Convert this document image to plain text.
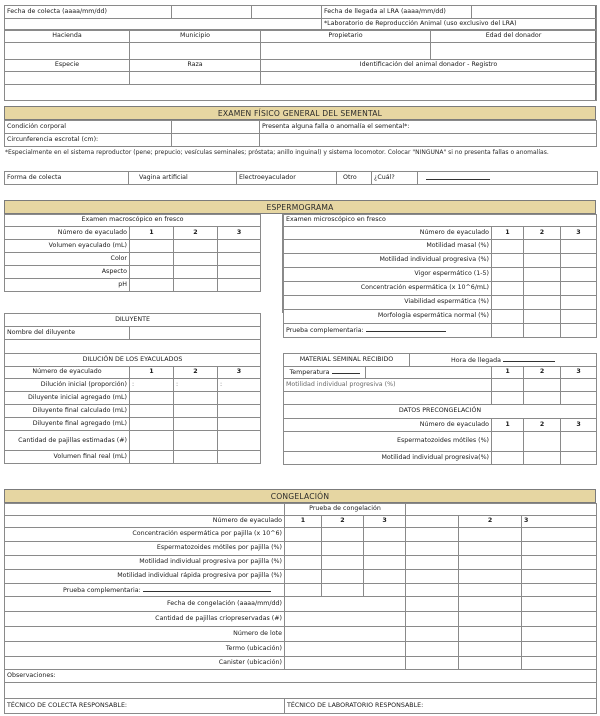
Fecha de colecta (aaaa/mm/dd)			Fecha de llegada al LRA (aaaa/mm/dd)	
			*Laboratorio de Reproducción Animal (uso exclusivo del LRA)	
Hacienda	Municipio	Propietario	Edad del donador

Especie	Raza	Identificación del animal donador - Registro	

EXAMEN FÍSICO GENERAL DEL SEMENTAL
Condición corporal		Presenta alguna falla o anomalía el semental*:
Circunferencia escrotal (cm):		
*Especialmente en el sistema reproductor (pene; prepucio; vesículas seminales; próstata; anillo inguinal) y sistema locomotor. Colocar "NINGUNA" si no presenta fallas o anomalías.
Forma de colecta	Vagina artificial	Electroeyaculador	Otro	¿Cuál?	
ESPERMOGRAMA
Examen macroscópico en fresco			
Número de eyaculado	1	2	3
Volumen eyaculado (mL)			
Color			
Aspecto			
pH			
Examen microscópico en fresco			
Número de eyaculado	1	2	3
Motilidad masal (%)			
Motilidad individual progresiva (%)			
Vigor espermático (1-5)			
Concentración espermática (x 10^6/mL)			
Viabilidad espermática (%)			
Morfología espermática normal (%)			
Prueba complementaria:			
DILUYENTE
Nombre del diluyente	

DILUCIÓN DE LOS EYACULADOS			
Número de eyaculado	1	2	3
Dilución inicial (proporción)	:	:	:
Diluyente inicial agregado (mL)			
Diluyente final calculado (mL)			
Diluyente final agregado (mL)			
Cantidad de pajillas estimadas (#)			
Volumen final real (mL)			
MATERIAL SEMINAL RECIBIDO		Hora de llegada			
Temperatura			1	2	3
Motilidad individual progresiva (%)					

DATOS PRECONGELACIÓN					
Número de eyaculado			1	2	3
Espermatozoides mótiles (%)					
Motilidad individual progresiva(%)					
CONGELACIÓN
	Prueba de congelación					
Número de eyaculado	1	2	3		2	3
Concentración espermática por pajilla (x 10^6)						
Espermatozoides mótiles por pajilla (%)						
Motilidad individual progresiva por pajilla (%)						
Motilidad individual rápida progresiva por pajilla (%)						
Prueba complementaria:						
Fecha de congelación (aaaa/mm/dd)						
Cantidad de pajillas criopreservadas (#)						
Número de lote						
Termo (ubicación)						
Canister (ubicación)						
Observaciones:						

TÉCNICO DE COLECTA RESPONSABLE:	TÉCNICO DE LABORATORIO RESPONSABLE:					
